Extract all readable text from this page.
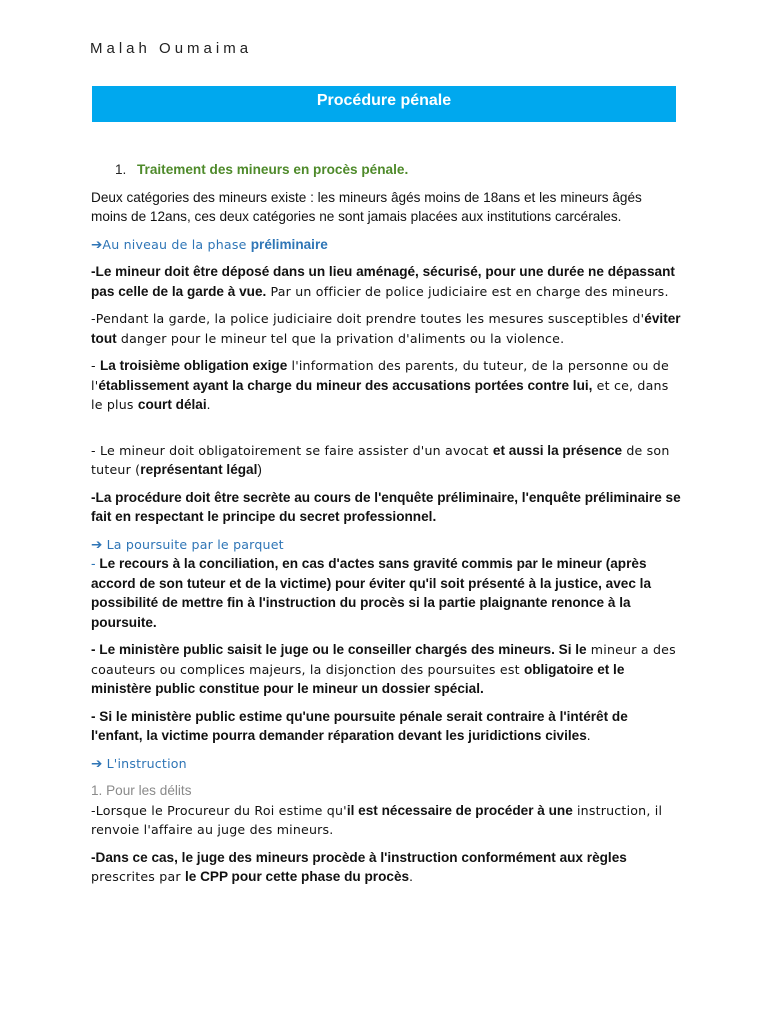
Malah Oumaima
Procédure pénale
1. Traitement des mineurs en procès pénale.

Deux catégories des mineurs existe : les mineurs âgés moins de 18ans et les mineurs âgés moins de 12ans, ces deux catégories ne sont jamais placées aux institutions carcérales.

➔Au niveau de la phase préliminaire

-Le mineur doit être déposé dans un lieu aménagé, sécurisé, pour une durée ne dépassant pas celle de la garde à vue. Par un officier de police judiciaire est en charge des mineurs.

-Pendant la garde, la police judiciaire doit prendre toutes les mesures susceptibles d'éviter tout danger pour le mineur tel que la privation d'aliments ou la violence.

- La troisième obligation exige l'information des parents, du tuteur, de la personne ou de l'établissement ayant la charge du mineur des accusations portées contre lui, et ce, dans le plus court délai.

- Le mineur doit obligatoirement se faire assister d'un avocat et aussi la présence de son tuteur (représentant légal)

-La procédure doit être secrète au cours de l'enquête préliminaire, l'enquête préliminaire se fait en respectant le principe du secret professionnel.

➔ La poursuite par le parquet

- Le recours à la conciliation, en cas d'actes sans gravité commis par le mineur (après accord de son tuteur et de la victime) pour éviter qu'il soit présenté à la justice, avec la possibilité de mettre fin à l'instruction du procès si la partie plaignante renonce à la poursuite.

- Le ministère public saisit le juge ou le conseiller chargés des mineurs. Si le mineur a des coauteurs ou complices majeurs, la disjonction des poursuites est obligatoire et le ministère public constitue pour le mineur un dossier spécial.

- Si le ministère public estime qu'une poursuite pénale serait contraire à l'intérêt de l'enfant, la victime pourra demander réparation devant les juridictions civiles.

➔ L'instruction

1. Pour les délits

-Lorsque le Procureur du Roi estime qu'il est nécessaire de procéder à une instruction, il renvoie l'affaire au juge des mineurs.

-Dans ce cas, le juge des mineurs procède à l'instruction conformément aux règles prescrites par le CPP pour cette phase du procès.
